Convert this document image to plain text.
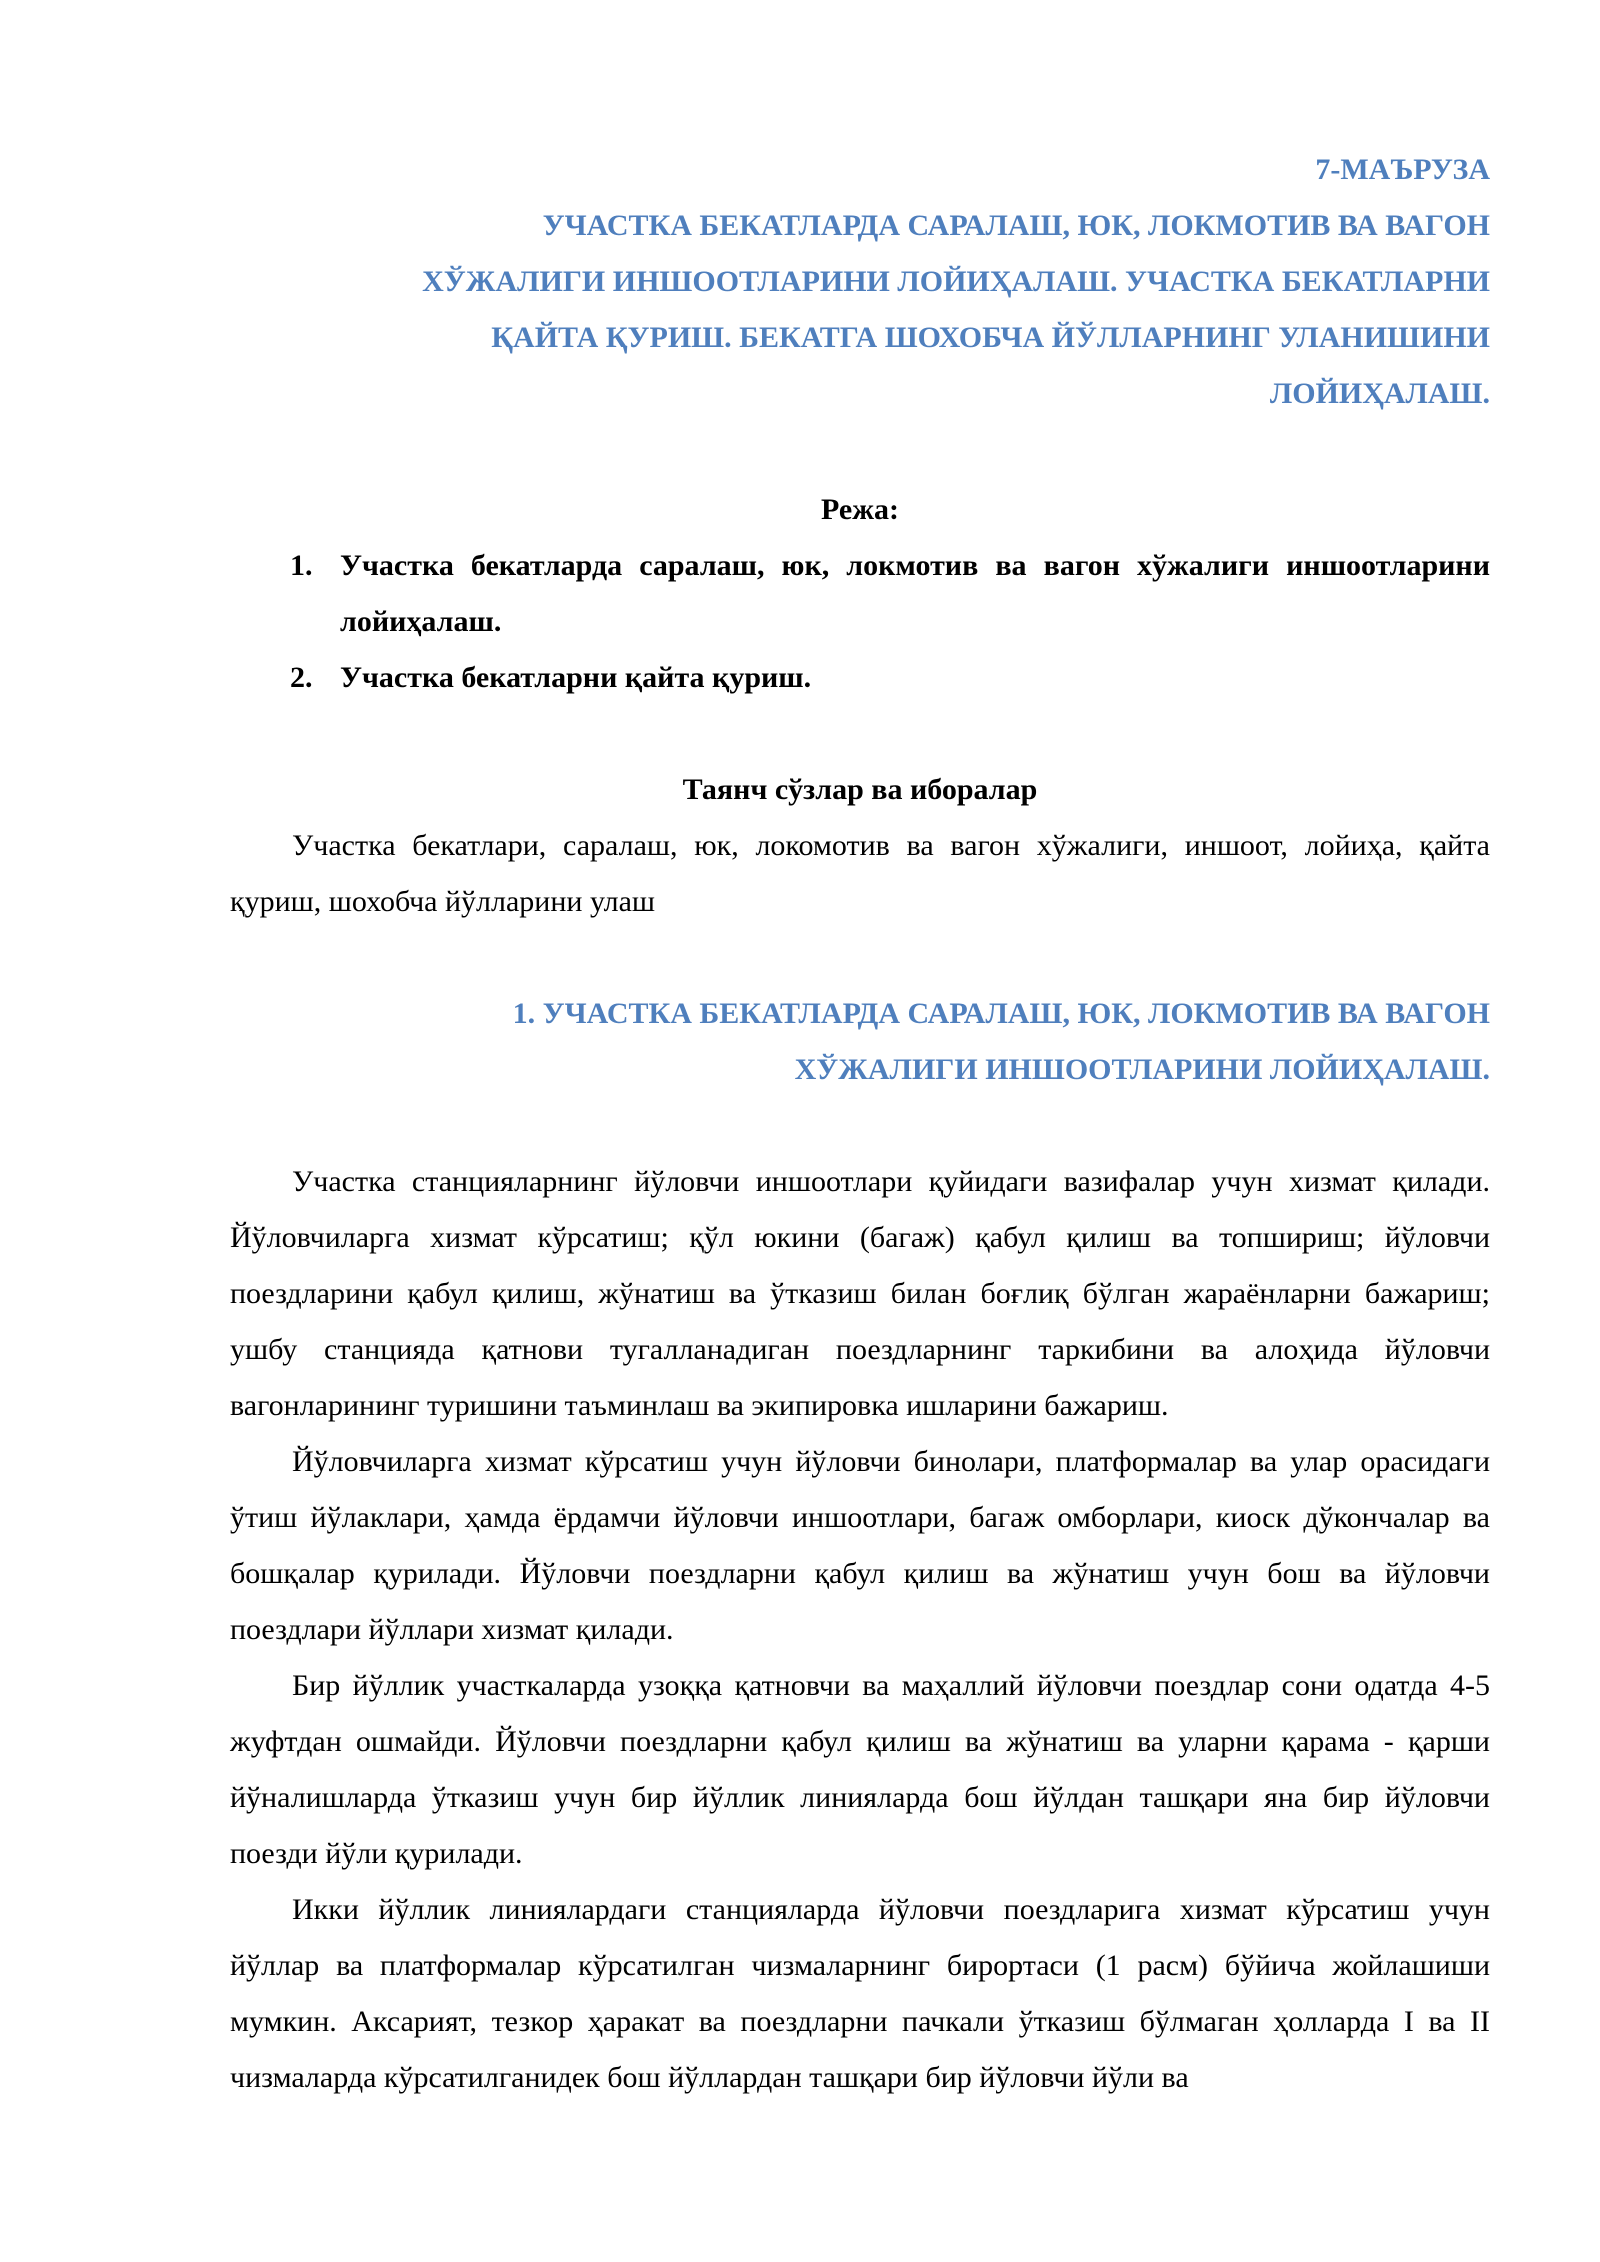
7-МАЪРУЗА
УЧАСТКА БЕКАТЛАРДА САРАЛАШ, ЮК, ЛОКМОТИВ ВА ВАГОН
ХЎЖАЛИГИ ИНШООТЛАРИНИ ЛОЙИҲАЛАШ. УЧАСТКА БЕКАТЛАРНИ
ҚАЙТА ҚУРИШ. БЕКАТГА ШОХОБЧА ЙЎЛЛАРНИНГ УЛАНИШИНИ
ЛОЙИҲАЛАШ.
Режа:
1. Участка бекатларда саралаш, юк, локмотив ва вагон хўжалиги иншоотларини лойиҳалаш.
2. Участка бекатларни қайта қуриш.
Таянч сўзлар ва иборалар

Участка бекатлари, саралаш, юк, локомотив ва вагон хўжалиги, иншоот, лойиҳа, қайта қуриш, шохобча йўлларини улаш

1. УЧАСТКА БЕКАТЛАРДА САРАЛАШ, ЮК, ЛОКМОТИВ ВА ВАГОН
ХЎЖАЛИГИ ИНШООТЛАРИНИ ЛОЙИҲАЛАШ.

Участка станцияларнинг йўловчи иншоотлари қуйидаги вазифалар учун хизмат қилади. Йўловчиларга хизмат кўрсатиш; қўл юкини (багаж) қабул қилиш ва топшириш; йўловчи поездларини қабул қилиш, жўнатиш ва ўтказиш билан боғлиқ бўлган жараёнларни бажариш; ушбу станцияда қатнови тугалланадиган поездларнинг таркибини ва алоҳида йўловчи вагонларининг туришини таъминлаш ва экипировка ишларини бажариш.

Йўловчиларга хизмат кўрсатиш учун йўловчи бинолари, платформалар ва улар орасидаги ўтиш йўлаклари, ҳамда ёрдамчи йўловчи иншоотлари, багаж омборлари, киоск дўкончалар ва бошқалар қурилади. Йўловчи поездларни қабул қилиш ва жўнатиш учун бош ва йўловчи поездлари йўллари хизмат қилади.

Бир йўллик участкаларда узоққа қатновчи ва маҳаллий йўловчи поездлар сони одатда 4-5 жуфтдан ошмайди. Йўловчи поездларни қабул қилиш ва жўнатиш ва уларни қарама - қарши йўналишларда ўтказиш учун бир йўллик линияларда бош йўлдан ташқари яна бир йўловчи поезди йўли қурилади.

Икки йўллик линиялардаги станцияларда йўловчи поездларига хизмат кўрсатиш учун йўллар ва платформалар кўрсатилган чизмаларнинг бирортаси (1 расм) бўйича жойлашиши мумкин. Аксарият, тезкор ҳаракат ва поездларни пачкали ўтказиш бўлмаган ҳолларда I ва II чизмаларда кўрсатилганидек бош йўллардан ташқари бир йўловчи йўли ва
